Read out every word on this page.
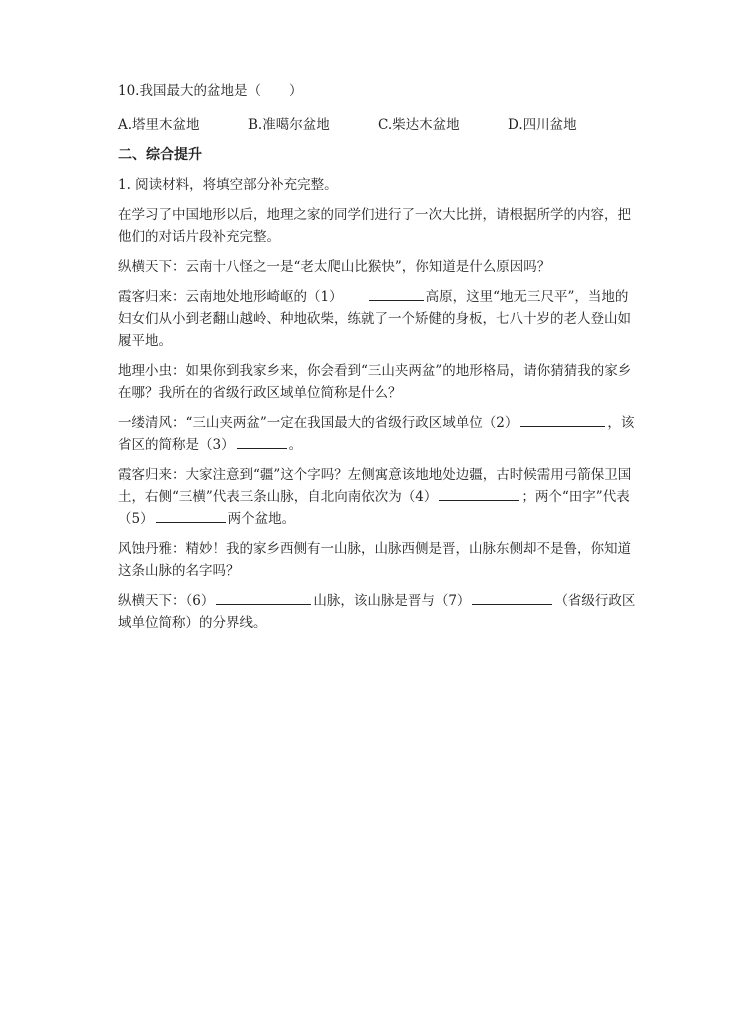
10.我国最大的盆地是（ ）
A.塔里木盆地	B.准噶尔盆地	C.柴达木盆地	D.四川盆地
二、综合提升
1. 阅读材料，将填空部分补充完整。
在学习了中国地形以后，地理之家的同学们进行了一次大比拼，请根据所学的内容，把他们的对话片段补充完整。
纵横天下：云南十八怪之一是“老太爬山比猴快”，你知道是什么原因吗？
霞客归来：云南地处地形崎岖的（1）	高原，这里“地无三尺平”，当地的妇女们从小到老翻山越岭、种地砍柴，练就了一个矫健的身板，七八十岁的老人登山如履平地。
地理小虫：如果你到我家乡来，你会看到“三山夹两盆”的地形格局，请你猜猜我的家乡在哪？我所在的省级行政区域单位简称是什么？
一缕清风：“三山夹两盆”一定在我国最大的省级行政区域单位（2）	，该省区的简称是（3）	。
霞客归来：大家注意到“疆”这个字吗？左侧寓意该地地处边疆，古时候需用弓箭保卫国土，右侧“三横”代表三条山脉，自北向南依次为（4）	；两个“田字”代表（5）	两个盆地。
风蚀丹雅：精妙！我的家乡西侧有一山脉，山脉西侧是晋，山脉东侧却不是鲁，你知道这条山脉的名字吗？
纵横天下：（6）	山脉，该山脉是晋与（7）	（省级行政区域单位简称）的分界线。
